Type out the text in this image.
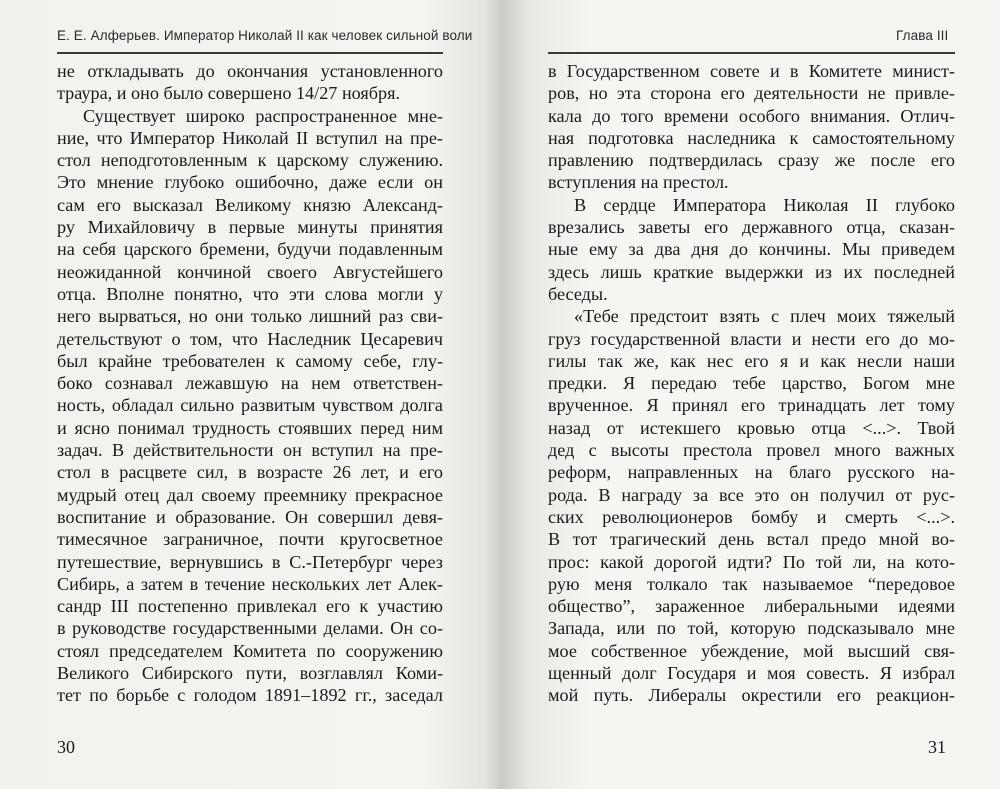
Е. Е. Алферьев. Император Николай II как человек сильной воли
не откладывать до окончания установленного
траура, и оно было совершено 14/27 ноября.
Существует широко распространенное мне-
ние, что Император Николай II вступил на пре-
стол неподготовленным к царскому служению.
Это мнение глубоко ошибочно, даже если он
сам его высказал Великому князю Александ-
ру Михайловичу в первые минуты принятия
на себя царского бремени, будучи подавленным
неожиданной кончиной своего Августейшего
отца. Вполне понятно, что эти слова могли у
него вырваться, но они только лишний раз сви-
детельствуют о том, что Наследник Цесаревич
был крайне требователен к самому себе, глу-
боко сознавал лежавшую на нем ответствен-
ность, обладал сильно развитым чувством долга
и ясно понимал трудность стоявших перед ним
задач. В действительности он вступил на пре-
стол в расцвете сил, в возрасте 26 лет, и его
мудрый отец дал своему преемнику прекрасное
воспитание и образование. Он совершил девя-
тимесячное заграничное, почти кругосветное
путешествие, вернувшись в С.-Петербург через
Сибирь, а затем в течение нескольких лет Алек-
сандр III постепенно привлекал его к участию
в руководстве государственными делами. Он со-
стоял председателем Комитета по сооружению
Великого Сибирского пути, возглавлял Коми-
тет по борьбе с голодом 1891–1892 гг., заседал
30
Глава III
в Государственном совете и в Комитете минист-
ров, но эта сторона его деятельности не привле-
кала до того времени особого внимания. Отлич-
ная подготовка наследника к самостоятельному
правлению подтвердилась сразу же после его
вступления на престол.
В сердце Императора Николая II глубоко
врезались заветы его державного отца, сказан-
ные ему за два дня до кончины. Мы приведем
здесь лишь краткие выдержки из их последней
беседы.
«Тебе предстоит взять с плеч моих тяжелый
груз государственной власти и нести его до мо-
гилы так же, как нес его я и как несли наши
предки. Я передаю тебе царство, Богом мне
врученное. Я принял его тринадцать лет тому
назад от истекшего кровью отца <...>. Твой
дед с высоты престола провел много важных
реформ, направленных на благо русского на-
рода. В награду за все это он получил от рус-
ских революционеров бомбу и смерть <...>.
В тот трагический день встал предо мной во-
прос: какой дорогой идти? По той ли, на кото-
рую меня толкало так называемое “передовое
общество”, зараженное либеральными идеями
Запада, или по той, которую подсказывало мне
мое собственное убеждение, мой высший свя-
щенный долг Государя и моя совесть. Я избрал
мой путь. Либералы окрестили его реакцион-
31
